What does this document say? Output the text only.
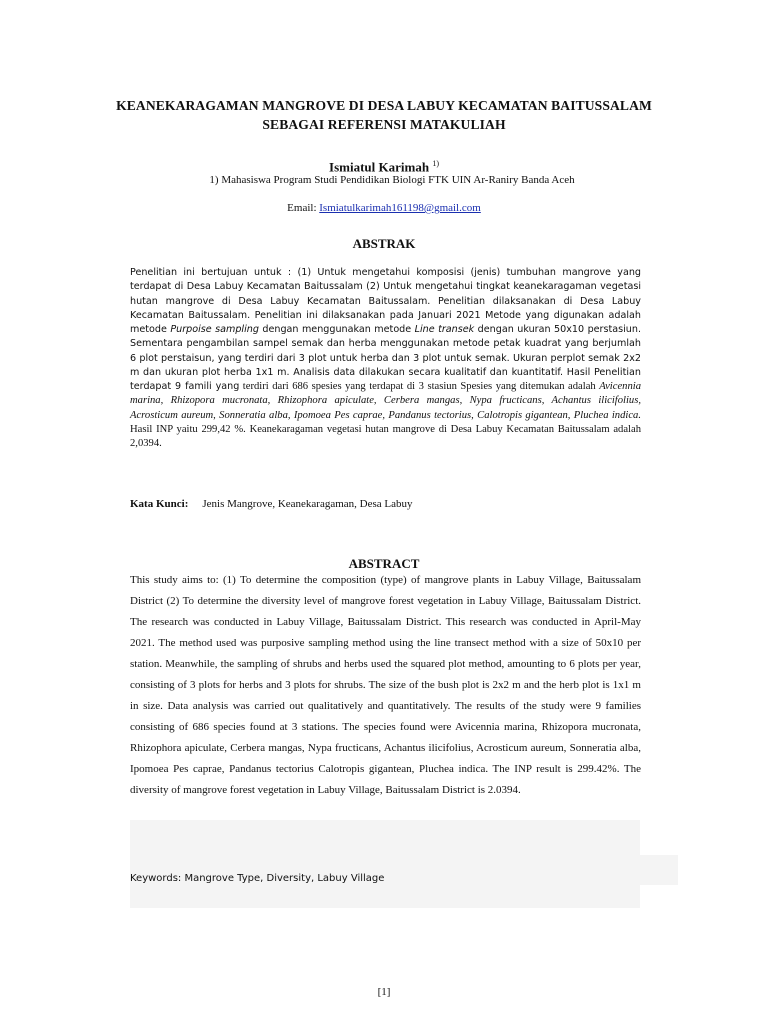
KEANEKARAGAMAN MANGROVE DI DESA LABUY KECAMATAN BAITUSSALAM
SEBAGAI REFERENSI MATAKULIAH
Ismiatul Karimah $^{1)}$
1) Mahasiswa Program Studi Pendidikan Biologi FTK UIN Ar-Raniry Banda Aceh
Email: Ismiatulkarimah161198@gmail.com
ABSTRAK
Penelitian ini bertujuan untuk : (1) Untuk mengetahui komposisi (jenis) tumbuhan mangrove yang terdapat di Desa Labuy Kecamatan Baitussalam (2) Untuk mengetahui tingkat keanekaragaman vegetasi hutan mangrove di Desa Labuy Kecamatan Baitussalam. Penelitian dilaksanakan di Desa Labuy Kecamatan Baitussalam. Penelitian ini dilaksanakan pada Januari 2021 Metode yang digunakan adalah metode Purpoise sampling dengan menggunakan metode Line transek dengan ukuran 50x10 perstasiun. Sementara pengambilan sampel semak dan herba menggunakan metode petak kuadrat yang berjumlah 6 plot perstaisun, yang terdiri dari 3 plot untuk herba dan 3 plot untuk semak. Ukuran perplot semak 2x2 m dan ukuran plot herba 1x1 m. Analisis data dilakukan secara kualitatif dan kuantitatif. Hasil Penelitian terdapat 9 famili yang terdiri dari 686 spesies yang terdapat di 3 stasiun Spesies yang ditemukan adalah Avicennia marina, Rhizopora mucronata, Rhizophora apiculate, Cerbera mangas, Nypa fructicans, Achantus ilicifolius, Acrosticum aureum, Sonneratia alba, Ipomoea Pes caprae, Pandanus tectorius, Calotropis gigantean, Pluchea indica. Hasil INP yaitu 299,42 %. Keanekaragaman vegetasi hutan mangrove di Desa Labuy Kecamatan Baitussalam adalah 2,0394.
Kata Kunci: Jenis Mangrove, Keanekaragaman, Desa Labuy
ABSTRACT
This study aims to: (1) To determine the composition (type) of mangrove plants in Labuy Village, Baitussalam District (2) To determine the diversity level of mangrove forest vegetation in Labuy Village, Baitussalam District. The research was conducted in Labuy Village, Baitussalam District. This research was conducted in April-May 2021. The method used was purposive sampling method using the line transect method with a size of 50x10 per station. Meanwhile, the sampling of shrubs and herbs used the squared plot method, amounting to 6 plots per year, consisting of 3 plots for herbs and 3 plots for shrubs. The size of the bush plot is 2x2 m and the herb plot is 1x1 m in size. Data analysis was carried out qualitatively and quantitatively. The results of the study were 9 families consisting of 686 species found at 3 stations. The species found were Avicennia marina, Rhizopora mucronata, Rhizophora apiculate, Cerbera mangas, Nypa fructicans, Achantus ilicifolius, Acrosticum aureum, Sonneratia alba, Ipomoea Pes caprae, Pandanus tectorius Calotropis gigantean, Pluchea indica. The INP result is 299.42%. The diversity of mangrove forest vegetation in Labuy Village, Baitussalam District is 2.0394.
Keywords: Mangrove Type, Diversity, Labuy Village
[1]
